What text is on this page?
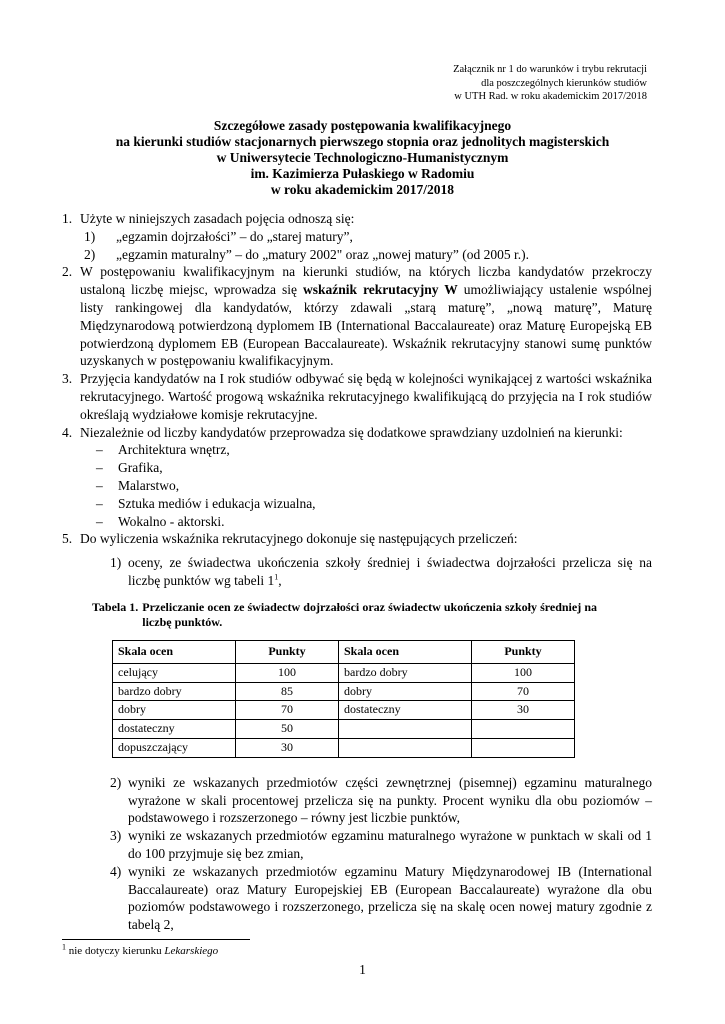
Załącznik nr 1 do warunków i trybu rekrutacji
dla poszczególnych kierunków studiów
w UTH Rad. w roku akademickim 2017/2018
Szczegółowe zasady postępowania kwalifikacyjnego
na kierunki studiów stacjonarnych pierwszego stopnia oraz jednolitych magisterskich
w Uniwersytecie Technologiczno-Humanistycznym
im. Kazimierza Pułaskiego w Radomiu
w roku akademickim 2017/2018
1. Użyte w niniejszych zasadach pojęcia odnoszą się:
1)	„egzamin dojrzałości” – do „starej matury”,
2)	„egzamin maturalny” – do „matury 2002" oraz „nowej matury” (od 2005 r.).
2. W postępowaniu kwalifikacyjnym na kierunki studiów, na których liczba kandydatów przekroczy ustaloną liczbę miejsc, wprowadza się wskaźnik rekrutacyjny W umożliwiający ustalenie wspólnej listy rankingowej dla kandydatów, którzy zdawali „starą maturę”, „nową maturę”, Maturę Międzynarodową potwierdzoną dyplomem IB (International Baccalaureate) oraz Maturę Europejską EB potwierdzoną dyplomem EB (European Baccalaureate). Wskaźnik rekrutacyjny stanowi sumę punktów uzyskanych w postępowaniu kwalifikacyjnym.
3. Przyjęcia kandydatów na I rok studiów odbywać się będą w kolejności wynikającej z wartości wskaźnika rekrutacyjnego. Wartość progową wskaźnika rekrutacyjnego kwalifikującą do przyjęcia na I rok studiów określają wydziałowe komisje rekrutacyjne.
4. Niezależnie od liczby kandydatów przeprowadza się dodatkowe sprawdziany uzdolnień na kierunki:
–	Architektura wnętrz,
–	Grafika,
–	Malarstwo,
–	Sztuka mediów i edukacja wizualna,
–	Wokalno - aktorski.
5. Do wyliczenia wskaźnika rekrutacyjnego dokonuje się następujących przeliczeń:
1) oceny, ze świadectwa ukończenia szkoły średniej i świadectwa dojrzałości przelicza się na liczbę punktów wg tabeli $1^1$,
Tabela 1. Przeliczanie ocen ze świadectw dojrzałości oraz świadectw ukończenia szkoły średniej na liczbę punktów.
Skala ocen	Punkty	Skala ocen	Punkty
celujący	100	bardzo dobry	100
bardzo dobry	85	dobry	70
dobry	70	dostateczny	30
dostateczny	50		
dopuszczający	30		
2) wyniki ze wskazanych przedmiotów części zewnętrznej (pisemnej) egzaminu maturalnego wyrażone w skali procentowej przelicza się na punkty. Procent wyniku dla obu poziomów – podstawowego i rozszerzonego – równy jest liczbie punktów,
3) wyniki ze wskazanych przedmiotów egzaminu maturalnego wyrażone w punktach w skali od 1 do 100 przyjmuje się bez zmian,
4) wyniki ze wskazanych przedmiotów egzaminu Matury Międzynarodowej IB (International Baccalaureate) oraz Matury Europejskiej EB (European Baccalaureate) wyrażone dla obu poziomów podstawowego i rozszerzonego, przelicza się na skalę ocen nowej matury zgodnie z tabelą 2,
$^1$ nie dotyczy kierunku Lekarskiego
1
